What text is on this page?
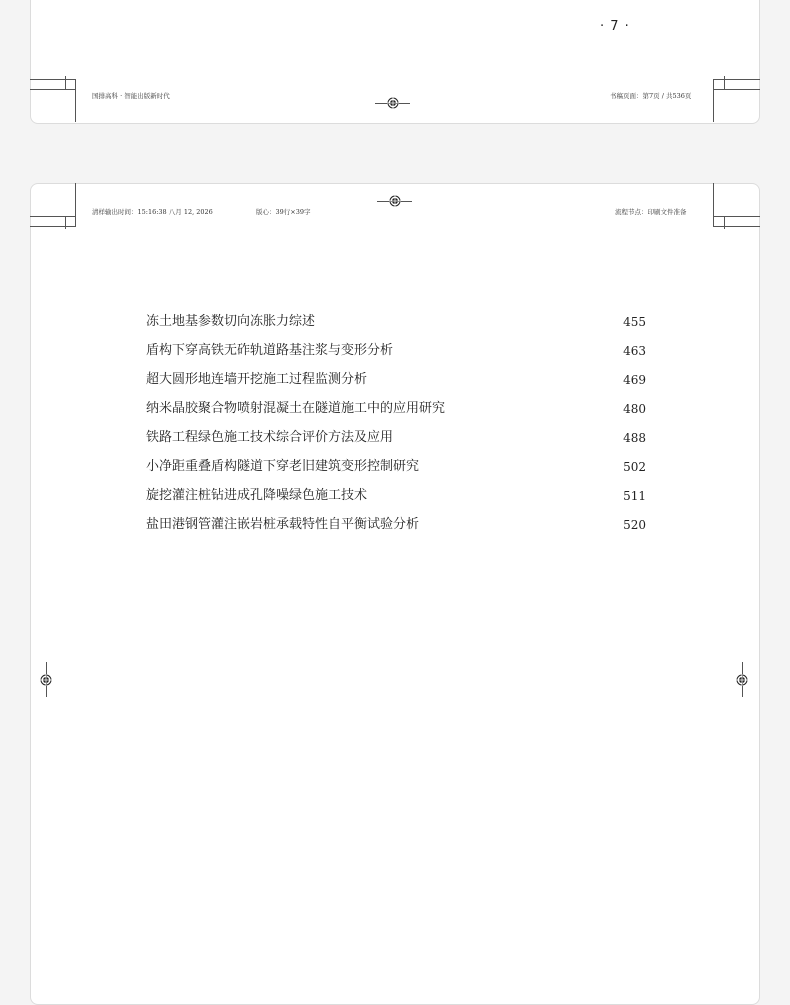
· 7 ·
国排高科 · 智能出版新时代	书稿页面：第7页 / 共536页
清样输出时间：15:16:38 八月 12, 2026	版心：39行×39字	流程节点：印刷文件准备
冻土地基参数切向冻胀力综述	455
盾构下穿高铁无砟轨道路基注浆与变形分析	463
超大圆形地连墙开挖施工过程监测分析	469
纳米晶胶聚合物喷射混凝土在隧道施工中的应用研究	480
铁路工程绿色施工技术综合评价方法及应用	488
小净距重叠盾构隧道下穿老旧建筑变形控制研究	502
旋挖灌注桩钻进成孔降噪绿色施工技术	511
盐田港钢管灌注嵌岩桩承载特性自平衡试验分析	520
